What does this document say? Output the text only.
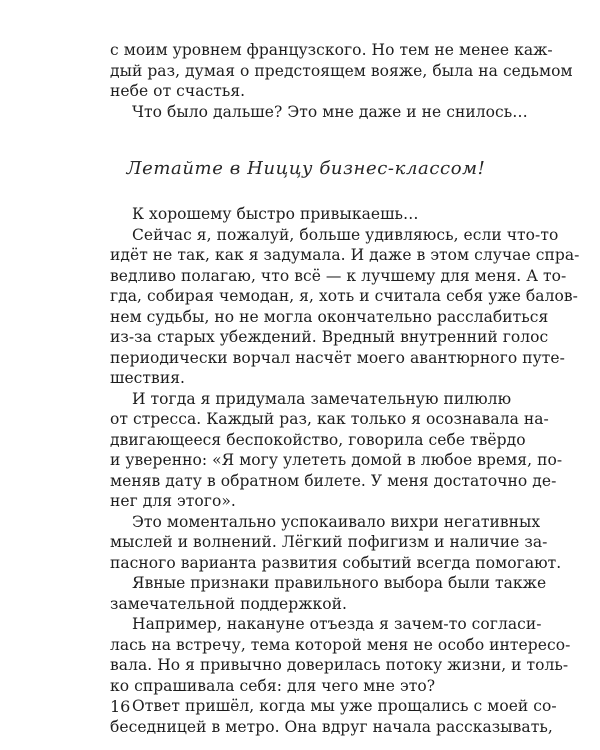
с моим уровнем французского. Но тем не менее каж-
дый раз, думая о предстоящем вояже, была на седьмом
небе от счастья.
Что было дальше? Это мне даже и не снилось…
Летайте в Ниццу бизнес-классом!
К хорошему быстро привыкаешь…
Сейчас я, пожалуй, больше удивляюсь, если что-то
идёт не так, как я задумала. И даже в этом случае спра-
ведливо полагаю, что всё — к лучшему для меня. А то-
гда, собирая чемодан, я, хоть и считала себя уже балов-
нем судьбы, но не могла окончательно расслабиться
из-за старых убеждений. Вредный внутренний голос
периодически ворчал насчёт моего авантюрного путе-
шествия.
И тогда я придумала замечательную пилюлю
от стресса. Каждый раз, как только я осознавала на-
двигающееся беспокойство, говорила себе твёрдо
и уверенно: «Я могу улететь домой в любое время, по-
меняв дату в обратном билете. У меня достаточно де-
нег для этого».
Это моментально успокаивало вихри негативных
мыслей и волнений. Лёгкий пофигизм и наличие за-
пасного варианта развития событий всегда помогают.
Явные признаки правильного выбора были также
замечательной поддержкой.
Например, накануне отъезда я зачем-то согласи-
лась на встречу, тема которой меня не особо интересо-
вала. Но я привычно доверилась потоку жизни, и толь-
ко спрашивала себя: для чего мне это?
Ответ пришёл, когда мы уже прощались с моей со-
беседницей в метро. Она вдруг начала рассказывать,
16
